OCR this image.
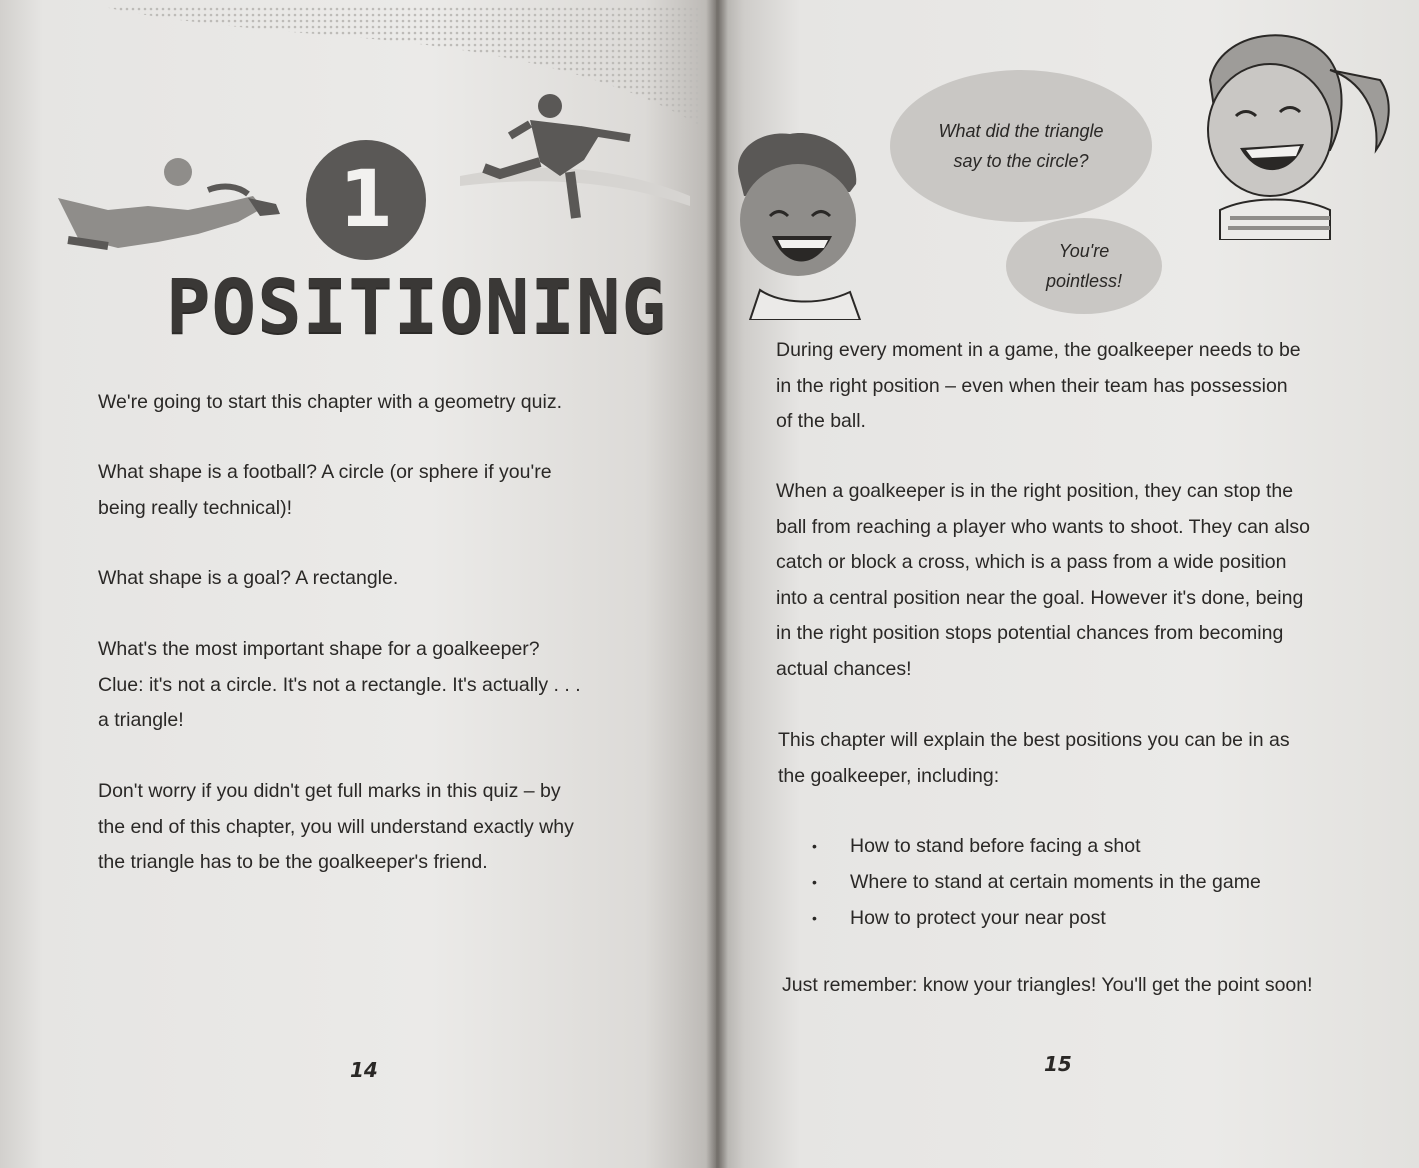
1
POSITIONING

We're going to start this chapter with a geometry quiz.

What shape is a football? A circle (or sphere if you're
being really technical)!

What shape is a goal? A rectangle.

What's the most important shape for a goalkeeper?
Clue: it's not a circle. It's not a rectangle. It's actually . . .
a triangle!

Don't worry if you didn't get full marks in this quiz – by
the end of this chapter, you will understand exactly why
the triangle has to be the goalkeeper's friend.

14	15
What did the triangle
say to the circle?
You're
pointless!

During every moment in a game, the goalkeeper needs to be
in the right position – even when their team has possession
of the ball.

When a goalkeeper is in the right position, they can stop the
ball from reaching a player who wants to shoot. They can also
catch or block a cross, which is a pass from a wide position
into a central position near the goal. However it's done, being
in the right position stops potential chances from becoming
actual chances!

This chapter will explain the best positions you can be in as
the goalkeeper, including:

• How to stand before facing a shot
• Where to stand at certain moments in the game
• How to protect your near post

Just remember: know your triangles! You'll get the point soon!
